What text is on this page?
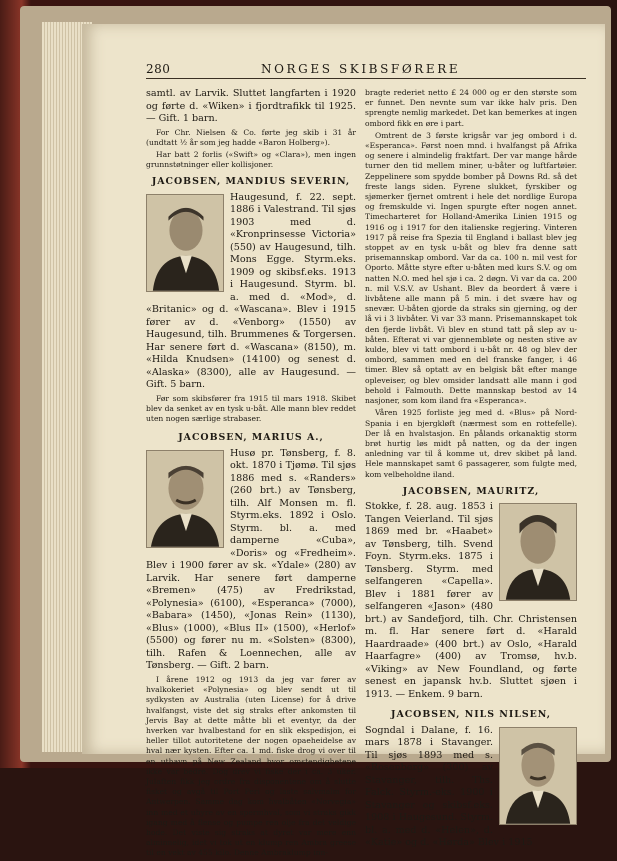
280	NORGES SKIBSFØRERE

samtl. av Larvik. Sluttet langfarten i 1920 og førte d. «Wiken» i fjordtrafikk til 1925. — Gift. 1 barn.

For Chr. Nielsen & Co. førte jeg skib i 31 år (undtatt ½ år som jeg hadde «Baron Holberg»).

Har batt 2 forlis («Swift» og «Clara»), men ingen grunnstøtninger eller kollisjoner.

JACOBSEN, MANDIUS SEVERIN,

Haugesund, f. 22. sept. 1886 i Valestrand. Til sjøs 1903 med d. «Kronprinsesse Victoria» (550) av Haugesund, tilh. Mons Egge. Styrm.eks. 1909 og skibsf.eks. 1913 i Haugesund. Styrm. bl. a. med d. «Mod», d. «Britanic» og d. «Wascana». Blev i 1915 fører av d. «Venborg» (1550) av Haugesund, tilh. Brummenes & Torgersen. Har senere ført d. «Wascana» (8150), m. «Hilda Knudsen» (14100) og senest d. «Alaska» (8300), alle av Haugesund. — Gift. 5 barn.

Før som skibsfører fra 1915 til mars 1918. Skibet blev da senket av en tysk u-båt. Alle mann blev reddet uten nogen særlige strabaser.

JACOBSEN, MARIUS A.,

Husø pr. Tønsberg, f. 8. okt. 1870 i Tjømø. Til sjøs 1886 med s. «Randers» (260 brt.) av Tønsberg, tilh. Alf Monsen m. fl. Styrm.eks. 1892 i Oslo. Styrm. bl. a. med damperne «Cuba», «Doris» og «Fredheim». Blev i 1900 fører av sk. «Ydale» (280) av Larvik. Har senere ført damperne «Bremen» (475) av Fredrikstad, «Polynesia» (6100), «Esperanca» (7000), «Babara» (1450), «Jonas Rein» (1130), «Blus» (1000), «Blus II» (1500), «Herlof» (5500) og fører nu m. «Solsten» (8300), tilh. Rafen & Loennechen, alle av Tønsberg. — Gift. 2 barn.

I årene 1912 og 1913 da jeg var fører av hvalkokeriet «Polynesia» og blev sendt ut til sydkysten av Australia (uten License) for å drive hvalfangst, viste det sig straks efter ankomsten til Jervis Bay at dette måtte bli et eventyr, da der hverken var hvalbestand for en slik ekspedisjon, ei heller tillot autoritetene der nogen opaeheidelse av hval nær kysten. Efter ca. 1 md. fiske drog vi over til en uthavn på New Zealand hvor omstendighetene ikke var bedre. Dog drev vi fiske der i ca. 3 uker. Julaften fikk jeg ordre fra disponentene om å slutte fisket og avgå til Port Peri og laste salvmalm for Antwerpen. Samme dag kom hvalbåten «Norvegia» inn med et uhyre av en spermhval, som vi straks gikk igang med å flense og pumpe ren olje fra det veldige hode. Det viste sig straks at dyret var mere enn alminnelig, idet vi tok ut en klump ren Ambra greese til en vekt av 455 kilo. Denne Ambraklump inn-

bragte rederiet netto £ 24 000 og er den største som er funnet. Den nevnte sum var ikke halv pris. Den sprengte nemlig markedet. Det kan bemerkes at ingen ombord fikk en øre i part.

Omtrent de 3 første krigsår var jeg ombord i d. «Esperanca». Først noen mnd. i hvalfangst på Afrika og senere i almindelig fraktfart. Der var mange hårde turner den tid mellem miner, u-båter og luftfartøier. Zeppelinere som spydde bomber på Downs Rd. så det freste langs siden. Fyrene slukket, fyrskiber og sjømerker fjernet omtrent i hele det nordlige Europa og fremskulde vi. Ingen spurgte efter nogen annet. Timecharteret for Holland-Amerika Linien 1915 og 1916 og i 1917 for den italienske regjering. Vinteren 1917 på reise fra Spezia til England i ballast blev jeg stoppet av en tysk u-båt og blev fra denne satt prisemannskap ombord. Var da ca. 100 n. mil vest for Oporto. Måtte styre efter u-båten med kurs S.V. og om natten N.O. med hel sjø i ca. 2 døgn. Vi var da ca. 200 n. mil V.S.V. av Ushant. Blev da beordert å være i livbåtene alle mann på 5 min. i det svære hav og snevær. U-båten gjorde da straks sin gjerning, og der lå vi i 3 livbåter. Vi var 33 mann. Prisemannskapet tok den fjerde livbåt. Vi blev en stund tatt på slep av u-båten. Efterat vi var gjennembløte og nesten stive av kulde, blev vi tatt ombord i u-båt nr. 48 og blev der ombord, sammen med en del franske fanger, i 46 timer. Blev så optatt av en belgisk båt efter mange opleveiser, og blev omsider landsatt alle mann i god behold i Falmouth. Dette mannskap bestod av 14 nasjoner, som kom iland fra «Esperanca».

Våren 1925 forliste jeg med d. «Blus» på Nord-Spania i en bjergkløft (nærmest som en rottefelle). Der lå en hvalstasjon. En pålands orkanaktig storm brøt hurtig løs midt på natten, og da der ingen anledning var til å komme ut, drev skibet på land. Hele mannskapet samt 6 passagerer, som fulgte med, kom velbeholdne iland.

JACOBSEN, MAURITZ,

Stokke, f. 28. aug. 1853 i Tangen Veierland. Til sjøs 1869 med br. «Haabet» av Tønsberg, tilh. Svend Foyn. Styrm.eks. 1875 i Tønsberg. Styrm. med selfangeren «Capella». Blev i 1881 fører av selfangeren «Jason» (480 brt.) av Sandefjord, tilh. Chr. Christensen m. fl. Har senere ført d. «Harald Haardraade» (400 brt.) av Oslo, «Harald Haarfagre» (400) av Tromsø, hv.b. «Viking» av New Foundland, og førte senest en japansk hv.b. Sluttet sjøen i 1913. — Enkem. 9 barn.

JACOBSEN, NILS NILSEN,

Sogndal i Dalane, f. 16. mars 1878 i Stavanger. Til sjøs 1893 med s. «Rosenberg» (300) av Stavanger, tilh. Ths. Falck. Styrm.-eks. 1900 i Stavanger og skibsf.eks. 1908 i Haugesund. Styrm. bl. a. med d. «Helen», d. «Katie» og d. «Hørda» Blev i 1915
